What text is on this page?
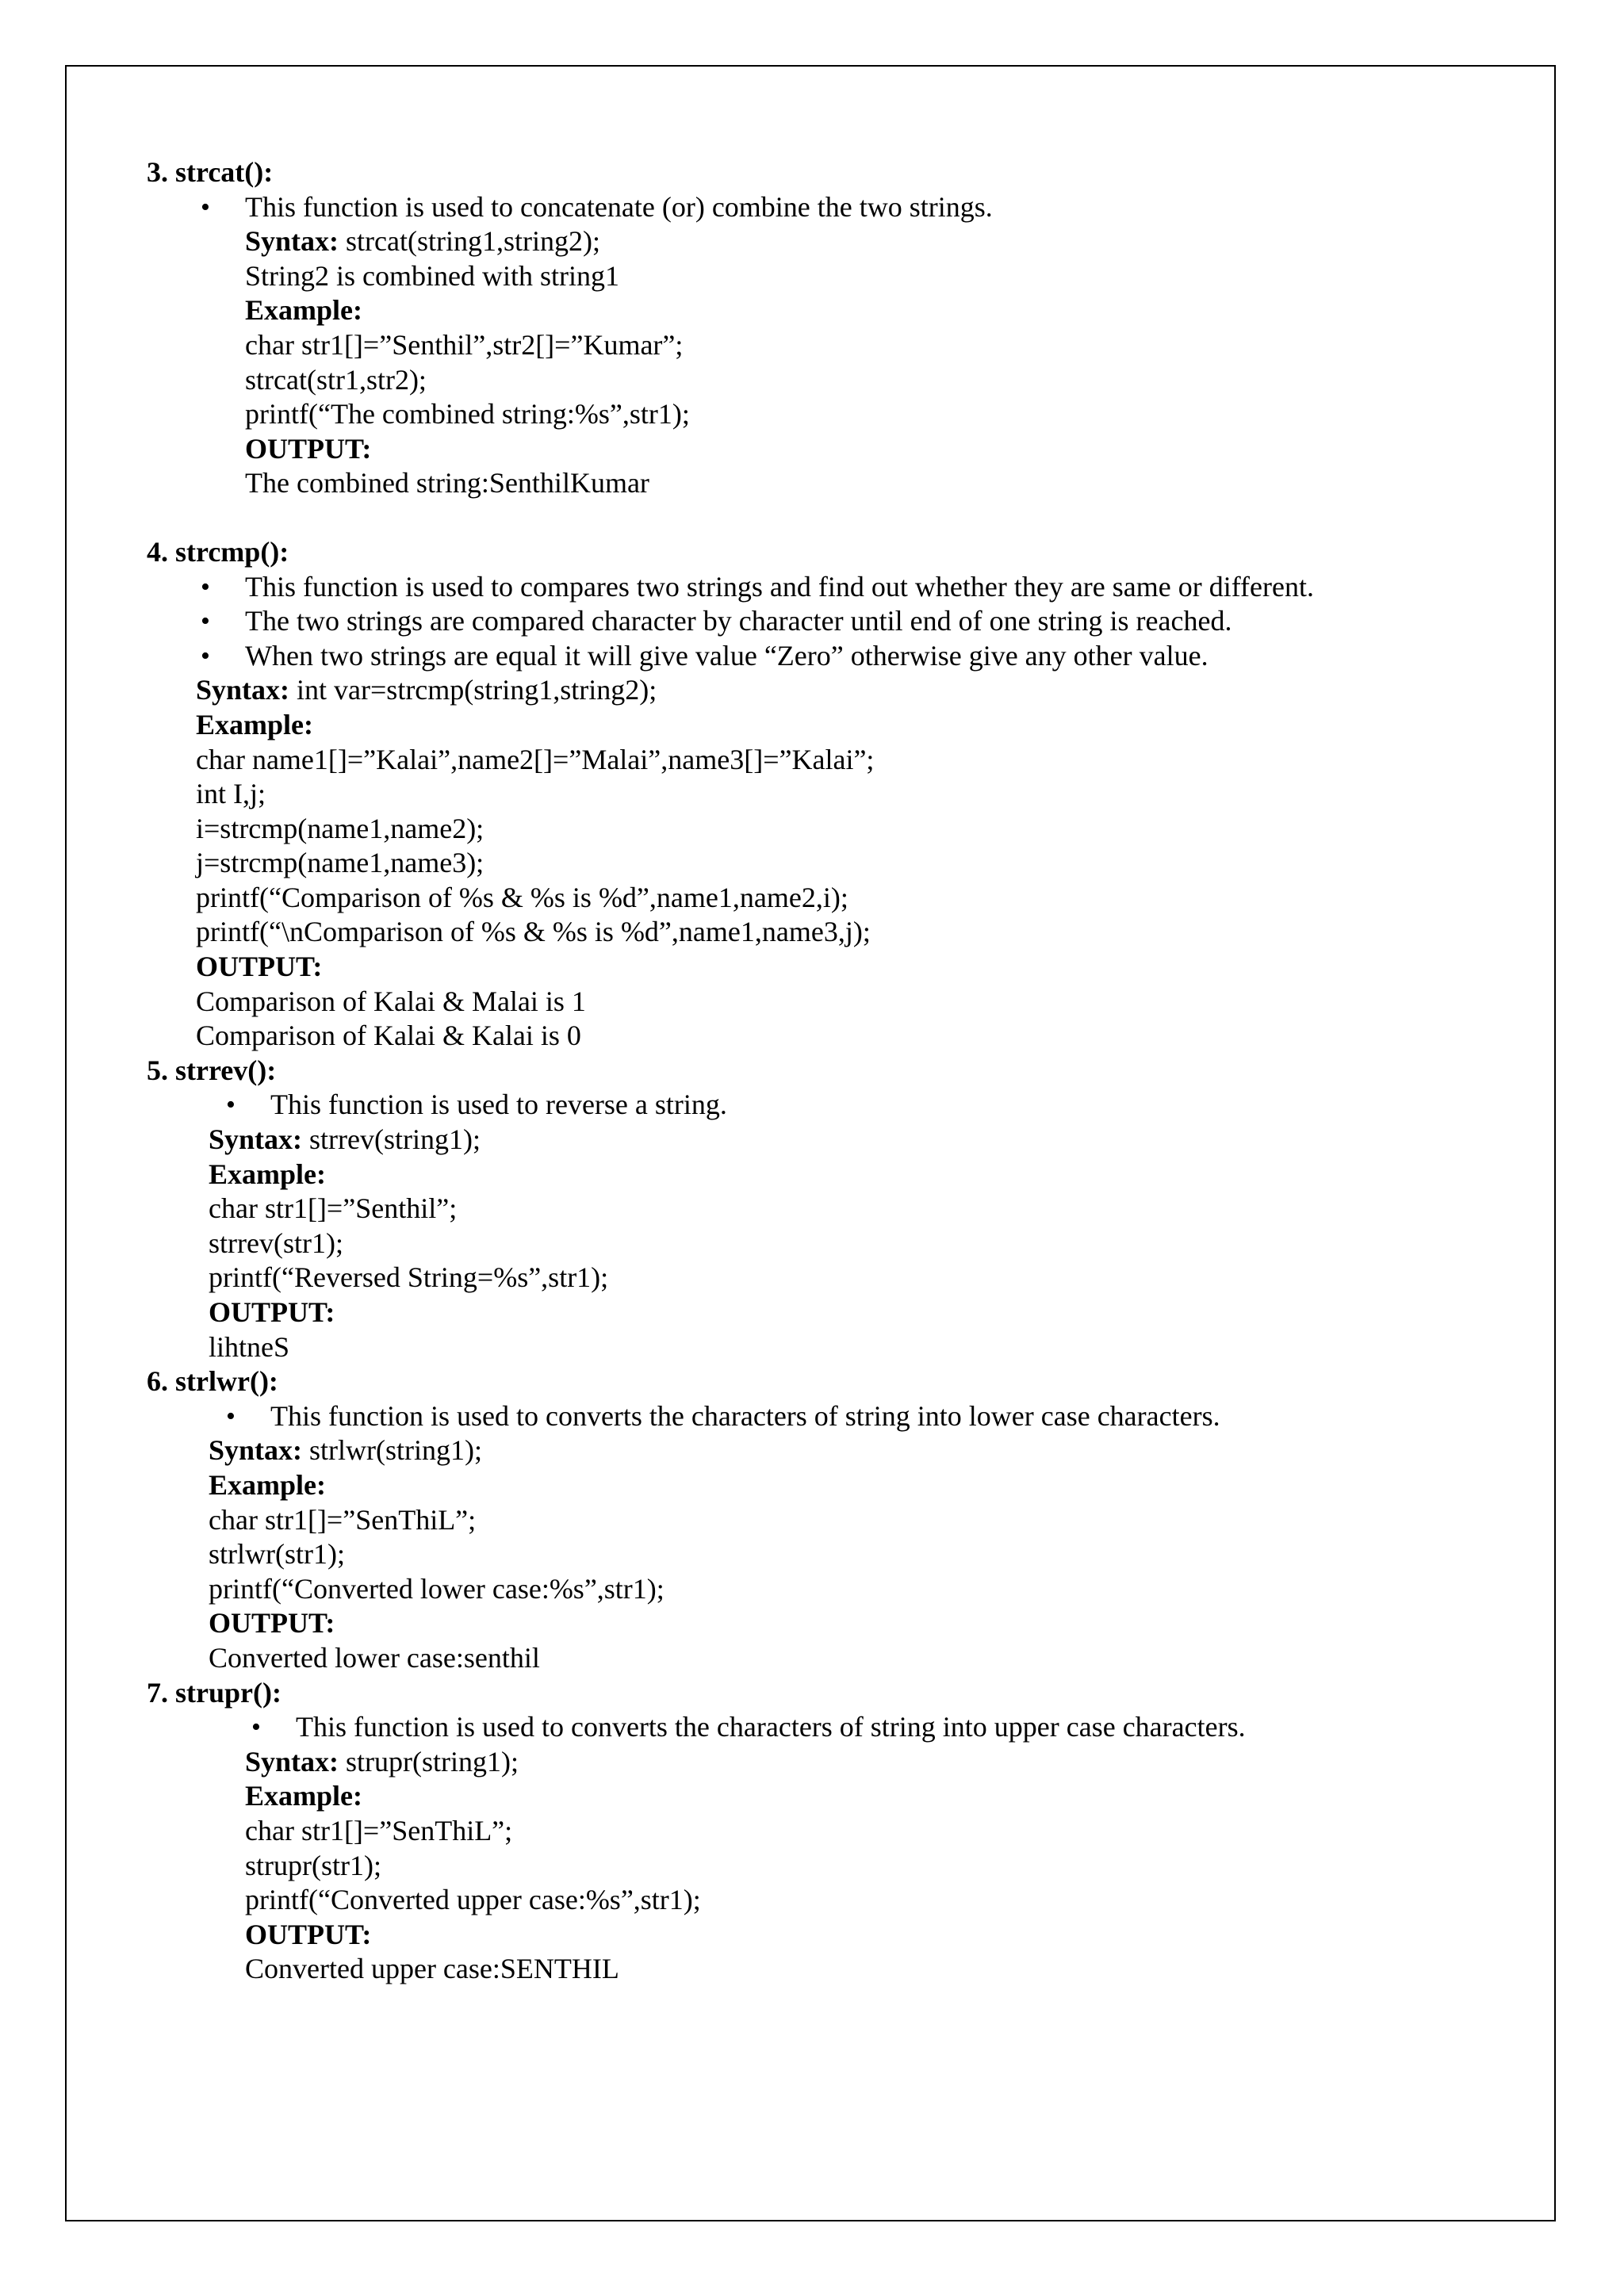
3. strcat():
• This function is used to concatenate (or) combine the two strings.
Syntax: strcat(string1,string2);
String2 is combined with string1
Example:
char str1[]=”Senthil”,str2[]=”Kumar”;
strcat(str1,str2);
printf(“The combined string:%s”,str1);
OUTPUT:
The combined string:SenthilKumar
4. strcmp():
• This function is used to compares two strings and find out whether they are same or different.
• The two strings are compared character by character until end of one string is reached.
• When two strings are equal it will give value “Zero” otherwise give any other value.
Syntax: int var=strcmp(string1,string2);
Example:
char name1[]=”Kalai”,name2[]=”Malai”,name3[]=”Kalai”;
int I,j;
i=strcmp(name1,name2);
j=strcmp(name1,name3);
printf(“Comparison of %s & %s is %d”,name1,name2,i);
printf(“\nComparison of %s & %s is %d”,name1,name3,j);
OUTPUT:
Comparison of Kalai & Malai is 1
Comparison of Kalai & Kalai is 0
5. strrev():
• This function is used to reverse a string.
Syntax: strrev(string1);
Example:
char str1[]=”Senthil”;
strrev(str1);
printf(“Reversed String=%s”,str1);
OUTPUT:
lihtneS
6. strlwr():
• This function is used to converts the characters of string into lower case characters.
Syntax: strlwr(string1);
Example:
char str1[]=”SenThiL”;
strlwr(str1);
printf(“Converted lower case:%s”,str1);
OUTPUT:
Converted lower case:senthil
7. strupr():
• This function is used to converts the characters of string into upper case characters.
Syntax: strupr(string1);
Example:
char str1[]=”SenThiL”;
strupr(str1);
printf(“Converted upper case:%s”,str1);
OUTPUT:
Converted upper case:SENTHIL
